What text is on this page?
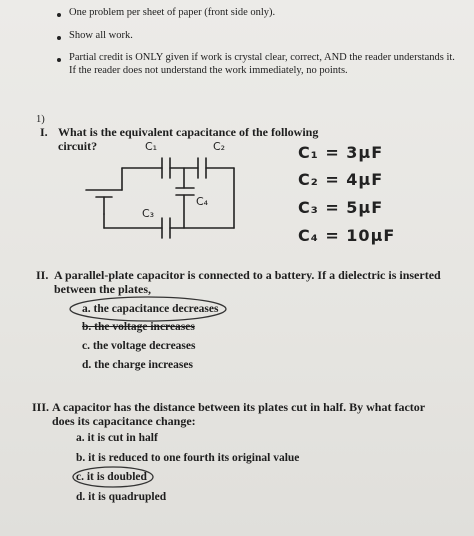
One problem per sheet of paper (front side only).
Show all work.
Partial credit is ONLY given if work is crystal clear, correct, AND the reader understands it. If the reader does not understand the work immediately, no points.
1)
I. What is the equivalent capacitance of the following circuit?	C₁	C₂
C₃
C₄
C₁ = 3μF
C₂ = 4μF
C₃ = 5μF
C₄ = 10μF
II. A parallel-plate capacitor is connected to a battery. If a dielectric is inserted between the plates,
a. the capacitance decreases
b. the voltage increases
c. the voltage decreases
d. the charge increases
III. A capacitor has the distance between its plates cut in half. By what factor does its capacitance change:
a. it is cut in half
b. it is reduced to one fourth its original value
c. it is doubled
d. it is quadrupled
